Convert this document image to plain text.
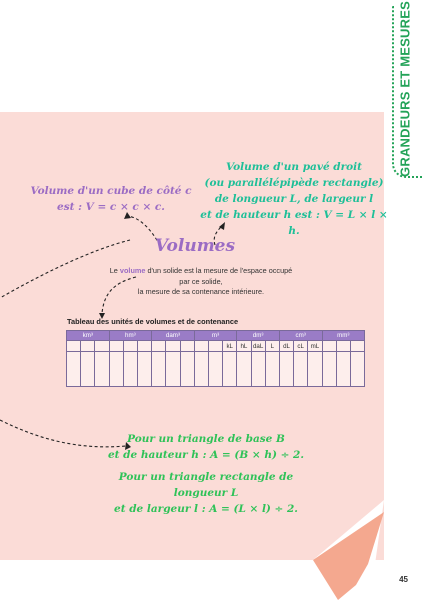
GRANDEURS ET MESURES
Volume d'un cube de côté c
est : V = c × c × c.
Volume d'un pavé droit
(ou parallélépipède rectangle)
de longueur L, de largeur l
et de hauteur h est : V = L × l × h.
Volumes
Le volume d'un solide est la mesure de l'espace occupé par ce solide,
la mesure de sa contenance intérieure.
Tableau des unités de volumes et de contenance
km³			hm³			dam³			m³			dm³			cm³			mm³		
											kL	hL	daL	L	dL	cL	mL			

Pour un triangle de base B
et de hauteur h : A = (B × h) ÷ 2.
Pour un triangle rectangle de longueur L
et de largeur l : A = (L × l) ÷ 2.
45
